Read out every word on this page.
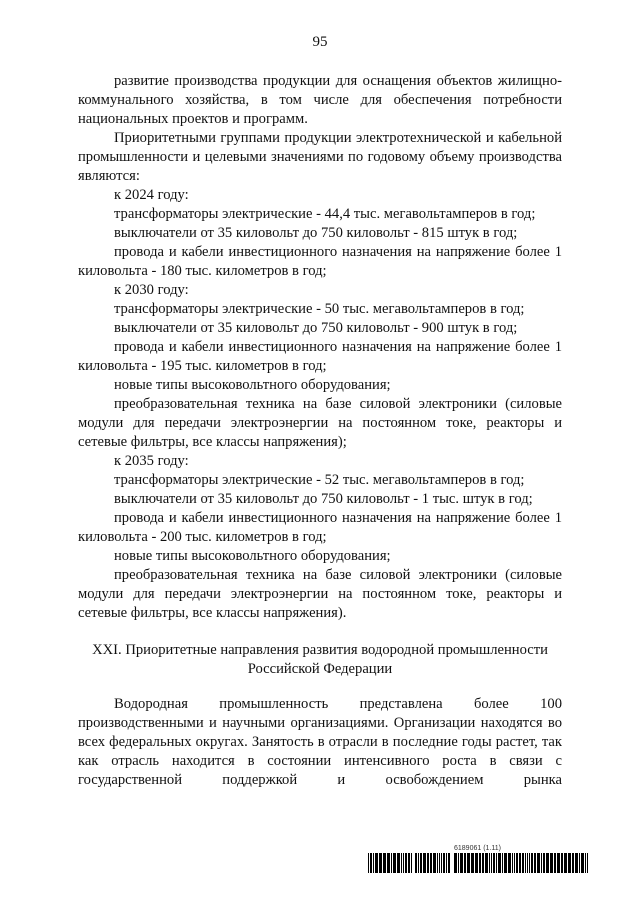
95

развитие производства продукции для оснащения объектов жилищно-коммунального хозяйства, в том числе для обеспечения потребности национальных проектов и программ.

Приоритетными группами продукции электротехнической и кабельной промышленности и целевыми значениями по годовому объему производства являются:

к 2024 году:

трансформаторы электрические - 44,4 тыс. мегавольтамперов в год;

выключатели от 35 киловольт до 750 киловольт - 815 штук в год;

провода и кабели инвестиционного назначения на напряжение более 1 киловольта - 180 тыс. километров в год;

к 2030 году:

трансформаторы электрические - 50 тыс. мегавольтамперов в год;

выключатели от 35 киловольт до 750 киловольт - 900 штук в год;

провода и кабели инвестиционного назначения на напряжение более 1 киловольта - 195 тыс. километров в год;

новые типы высоковольтного оборудования;

преобразовательная техника на базе силовой электроники (силовые модули для передачи электроэнергии на постоянном токе, реакторы и сетевые фильтры, все классы напряжения);

к 2035 году:

трансформаторы электрические - 52 тыс. мегавольтамперов в год;

выключатели от 35 киловольт до 750 киловольт - 1 тыс. штук в год;

провода и кабели инвестиционного назначения на напряжение более 1 киловольта - 200 тыс. километров в год;

новые типы высоковольтного оборудования;

преобразовательная техника на базе силовой электроники (силовые модули для передачи электроэнергии на постоянном токе, реакторы и сетевые фильтры, все классы напряжения).

XXI. Приоритетные направления развития водородной промышленности
Российской Федерации

Водородная промышленность представлена более 100 производственными и научными организациями. Организации находятся во всех федеральных округах. Занятость в отрасли в последние годы растет, так как отрасль находится в состоянии интенсивного роста в связи с государственной поддержкой и освобождением рынка

6189061 (1.11)
